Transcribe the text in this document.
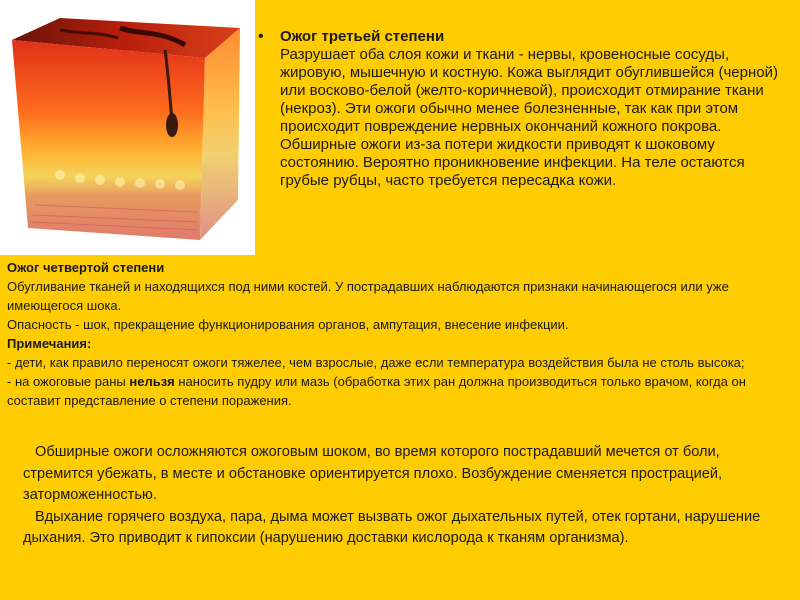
• Ожог третьей степени
Разрушает оба слоя кожи и ткани - нервы, кровеносные сосуды, жировую, мышечную и костную. Кожа выглядит обуглившейся (черной) или восково-белой (желто-коричневой), происходит отмирание ткани (некроз). Эти ожоги обычно менее болезненные, так как при этом происходит повреждение нервных окончаний кожного покрова. Обширные ожоги из-за потери жидкости приводят к шоковому состоянию. Вероятно проникновение инфекции. На теле остаются грубые рубцы, часто требуется пересадка кожи.

Ожог четвертой степени

Обугливание тканей и находящихся под ними костей. У пострадавших наблюдаются признаки начинающегося или уже имеющегося шока.

Опасность - шок, прекращение функционирования органов, ампутация, внесение инфекции.

Примечания:

- дети, как правило переносят ожоги тяжелее, чем взрослые, даже если температура воздействия была не столь высока;

- на ожоговые раны нельзя наносить пудру или мазь (обработка этих ран должна производиться только врачом, когда он составит представление о степени поражения.

Обширные ожоги осложняются ожоговым шоком, во время которого пострадавший мечется от боли, стремится убежать, в месте и обстановке ориентируется плохо. Возбуждение сменяется прострацией, заторможенностью.

Вдыхание горячего воздуха, пара, дыма может вызвать ожог дыхательных путей, отек гортани, нарушение дыхания. Это приводит к гипоксии (нарушению доставки кислорода к тканям организма).
